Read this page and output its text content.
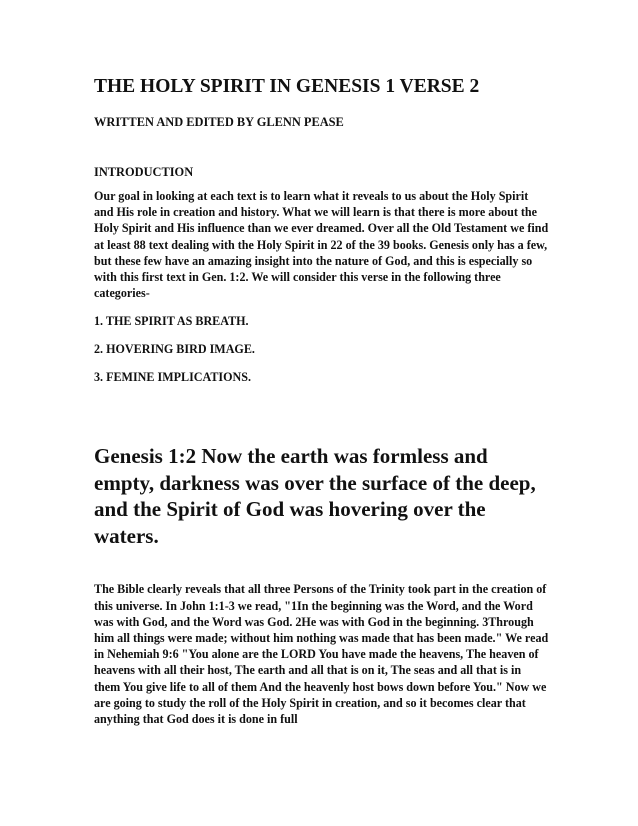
THE HOLY SPIRIT IN GENESIS 1 VERSE 2

WRITTEN AND EDITED BY GLENN PEASE

INTRODUCTION

Our goal in looking at each text is to learn what it reveals to us about the Holy Spirit and His role in creation and history. What we will learn is that there is more about the Holy Spirit and His influence than we ever dreamed. Over all the Old Testament we find at least 88 text dealing with the Holy Spirit in 22 of the 39 books. Genesis only has a few, but these few have an amazing insight into the nature of God, and this is especially so with this first text in Gen. 1:2. We will consider this verse in the following three categories-

1. THE SPIRIT AS BREATH.

2. HOVERING BIRD IMAGE.

3. FEMINE IMPLICATIONS.

Genesis 1:2 Now the earth was formless and empty, darkness was over the surface of the deep, and the Spirit of God was hovering over the waters.

The Bible clearly reveals that all three Persons of the Trinity took part in the creation of this universe. In John 1:1-3 we read, "1In the beginning was the Word, and the Word was with God, and the Word was God. 2He was with God in the beginning. 3Through him all things were made; without him nothing was made that has been made." We read in Nehemiah 9:6 "You alone are the LORD You have made the heavens, The heaven of heavens with all their host, The earth and all that is on it, The seas and all that is in them You give life to all of them And the heavenly host bows down before You." Now we are going to study the roll of the Holy Spirit in creation, and so it becomes clear that anything that God does it is done in full
